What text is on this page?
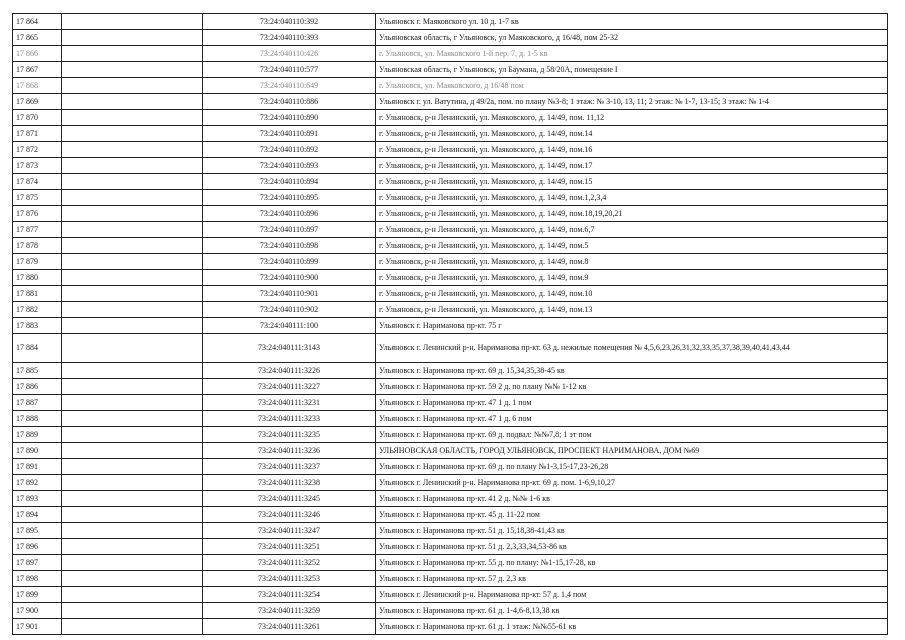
17 864		73:24:040110:392	Ульяновск г. Маяковского ул. 10 д. 1-7 кв
17 865		73:24:040110:393	Ульяновская область, г Ульяновск, ул Маяковского, д 16/48, пом 25-32
17 866		73:24:040110:426	г. Ульяновск, ул. Маяковского 1-й пер. 7, д. 1-5 кв
17 867		73:24:040110:577	Ульяновская область, г Ульяновск, ул Баумана, д 58/20А, помещение I
17 868		73:24:040110:649	г. Ульяновск, ул. Маяковского, д 16/48 пом
17 869		73:24:040110:886	Ульяновск г. ул. Ватутина, д 49/2а, пом. по плану №3-8; 1 этаж: № 3-10, 13, 11; 2 этаж: № 1-7, 13-15; 3 этаж: № 1-4
17 870		73:24:040110:890	г. Ульяновск, р-н Ленинский, ул. Маяковского, д. 14/49, пом. 11,12
17 871		73:24:040110:891	г. Ульяновск, р-н Ленинский, ул. Маяковского, д. 14/49, пом.14
17 872		73:24:040110:892	г. Ульяновск, р-н Ленинский, ул. Маяковского, д. 14/49, пом.16
17 873		73:24:040110:893	г. Ульяновск, р-н Ленинский, ул. Маяковского, д. 14/49, пом.17
17 874		73:24:040110:894	г. Ульяновск, р-н Ленинский, ул. Маяковского, д. 14/49, пом.15
17 875		73:24:040110:895	г. Ульяновск, р-н Ленинский, ул. Маяковского, д. 14/49, пом.1,2,3,4
17 876		73:24:040110:896	г. Ульяновск, р-н Ленинский, ул. Маяковского, д. 14/49, пом.18,19,20,21
17 877		73:24:040110:897	г. Ульяновск, р-н Ленинский, ул. Маяковского, д. 14/49, пом.6,7
17 878		73:24:040110:898	г. Ульяновск, р-н Ленинский, ул. Маяковского, д. 14/49, пом.5
17 879		73:24:040110:899	г. Ульяновск, р-н Ленинский, ул. Маяковского, д. 14/49, пом.8
17 880		73:24:040110:900	г. Ульяновск, р-н Ленинский, ул. Маяковского, д. 14/49, пом.9
17 881		73:24:040110:901	г. Ульяновск, р-н Ленинский, ул. Маяковского, д. 14/49, пом.10
17 882		73:24:040110:902	г. Ульяновск, р-н Ленинский, ул. Маяковского, д. 14/49, пом.13
17 883		73:24:040111:100	Ульяновск г. Нариманова пр-кт. 75 г
17 884		73:24:040111:3143	Ульяновск г. Ленинский р-н. Нариманова пр-кт. 63 д. нежилые помещения № 4,5,6,23,26,31,32,33,35,37,38,39,40,41,43,44
17 885		73:24:040111:3226	Ульяновск г. Нариманова пр-кт. 69 д. 15,34,35,38-45 кв
17 886		73:24:040111:3227	Ульяновск г. Нариманова пр-кт. 59 2 д. по плану №№ 1-12 кв
17 887		73:24:040111:3231	Ульяновск г. Нариманова пр-кт. 47 1 д. 1 пом
17 888		73:24:040111:3233	Ульяновск г. Нариманова пр-кт. 47 1 д. 6 пом
17 889		73:24:040111:3235	Ульяновск г. Нариманова пр-кт. 69 д. подвал: №№7,8; 1 эт пом
17 890		73:24:040111:3236	УЛЬЯНОВСКАЯ ОБЛАСТЬ, ГОРОД УЛЬЯНОВСК, ПРОСПЕКТ НАРИМАНОВА, ДОМ №69
17 891		73:24:040111:3237	Ульяновск г. Нариманова пр-кт. 69 д. по плану №1-3,15-17,23-26,28
17 892		73:24:040111:3238	Ульяновск г. Ленинский р-н. Нариманова пр-кт. 69 д. пом. 1-6,9,10,27
17 893		73:24:040111:3245	Ульяновск г. Нариманова пр-кт. 41 2 д. №№ 1-6 кв
17 894		73:24:040111:3246	Ульяновск г. Нариманова пр-кт. 45 д. 11-22 пом
17 895		73:24:040111:3247	Ульяновск г. Нариманова пр-кт. 51 д. 15,18,38-41,43 кв
17 896		73:24:040111:3251	Ульяновск г. Нариманова пр-кт. 51 д. 2,3,33,34,53-86 кв
17 897		73:24:040111:3252	Ульяновск г. Нариманова пр-кт. 55 д. по плану: №1-15,17-28, кв
17 898		73:24:040111:3253	Ульяновск г. Нариманова пр-кт. 57 д. 2,3 кв
17 899		73:24:040111:3254	Ульяновск г. Ленинский р-н. Нариманова пр-кт. 57 д. 1,4 пом
17 900		73:24:040111:3259	Ульяновск г. Нариманова пр-кт. 61 д. 1-4,6-8,13,38 кв
17 901		73:24:040111:3261	Ульяновск г. Нариманова пр-кт. 61 д. 1 этаж: №№55-61 кв
